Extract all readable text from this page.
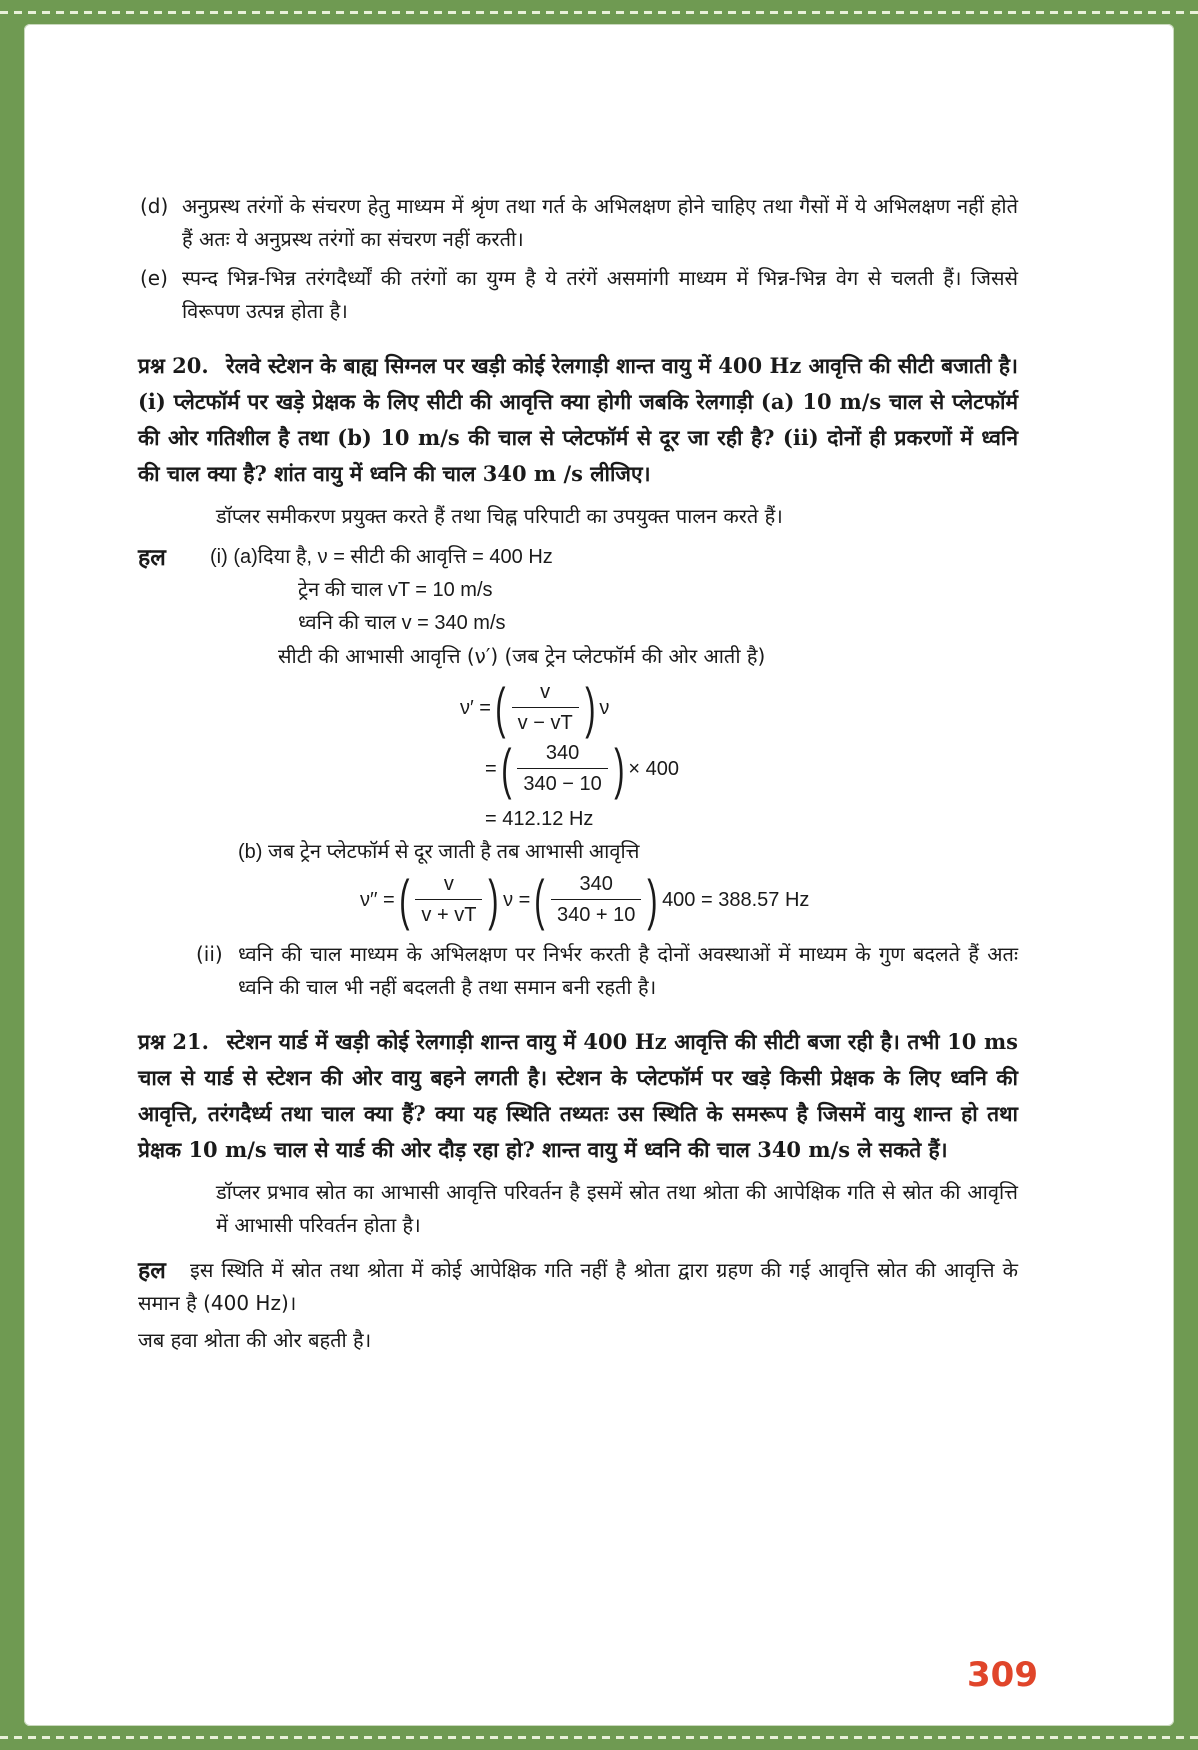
(d) अनुप्रस्थ तरंगों के संचरण हेतु माध्यम में श्रृंण तथा गर्त के अभिलक्षण होने चाहिए तथा गैसों में ये अभिलक्षण नहीं होते हैं अतः ये अनुप्रस्थ तरंगों का संचरण नहीं करती।
(e) स्पन्द भिन्न-भिन्न तरंगदैर्ध्यों की तरंगों का युग्म है ये तरंगें असमांगी माध्यम में भिन्न-भिन्न वेग से चलती हैं। जिससे विरूपण उत्पन्न होता है।
प्रश्न 20. रेलवे स्टेशन के बाह्य सिग्नल पर खड़ी कोई रेलगाड़ी शान्त वायु में 400 Hz आवृत्ति की सीटी बजाती है। (i) प्लेटफॉर्म पर खड़े प्रेक्षक के लिए सीटी की आवृत्ति क्या होगी जबकि रेलगाड़ी (a) 10 m/s चाल से प्लेटफॉर्म की ओर गतिशील है तथा (b) 10 m/s की चाल से प्लेटफॉर्म से दूर जा रही है? (ii) दोनों ही प्रकरणों में ध्वनि की चाल क्या है? शांत वायु में ध्वनि की चाल 340 m /s लीजिए।
डॉप्लर समीकरण प्रयुक्त करते हैं तथा चिह्न परिपाटी का उपयुक्त पालन करते हैं।
हल	(i) (a)दिया है, ν = सीटी की आवृत्ति = 400 Hz
ट्रेन की चाल vT = 10 m/s
ध्वनि की चाल v = 340 m/s
सीटी की आभासी आवृत्ति (ν′) (जब ट्रेन प्लेटफॉर्म की ओर आती है)
ν′ = ( $\frac{v}{v - vT}$ ) ν
= ( $\frac{340}{340 - 10}$ ) × 400
= 412.12 Hz
(b) जब ट्रेन प्लेटफॉर्म से दूर जाती है तब आभासी आवृत्ति
ν′′ = ( $\frac{v}{v + vT}$ ) ν = ( $\frac{340}{340 + 10}$ ) 400 = 388.57 Hz
(ii) ध्वनि की चाल माध्यम के अभिलक्षण पर निर्भर करती है दोनों अवस्थाओं में माध्यम के गुण बदलते हैं अतः ध्वनि की चाल भी नहीं बदलती है तथा समान बनी रहती है।
प्रश्न 21. स्टेशन यार्ड में खड़ी कोई रेलगाड़ी शान्त वायु में 400 Hz आवृत्ति की सीटी बजा रही है। तभी 10 ms चाल से यार्ड से स्टेशन की ओर वायु बहने लगती है। स्टेशन के प्लेटफॉर्म पर खड़े किसी प्रेक्षक के लिए ध्वनि की आवृत्ति, तरंगदैर्ध्य तथा चाल क्या हैं? क्या यह स्थिति तथ्यतः उस स्थिति के समरूप है जिसमें वायु शान्त हो तथा प्रेक्षक 10 m/s चाल से यार्ड की ओर दौड़ रहा हो? शान्त वायु में ध्वनि की चाल 340 m/s ले सकते हैं।
डॉप्लर प्रभाव स्रोत का आभासी आवृत्ति परिवर्तन है इसमें स्रोत तथा श्रोता की आपेक्षिक गति से स्रोत की आवृत्ति में आभासी परिवर्तन होता है।
हल	इस स्थिति में स्रोत तथा श्रोता में कोई आपेक्षिक गति नहीं है श्रोता द्वारा ग्रहण की गई आवृत्ति स्रोत की आवृत्ति के समान है (400 Hz)।
जब हवा श्रोता की ओर बहती है।
309
